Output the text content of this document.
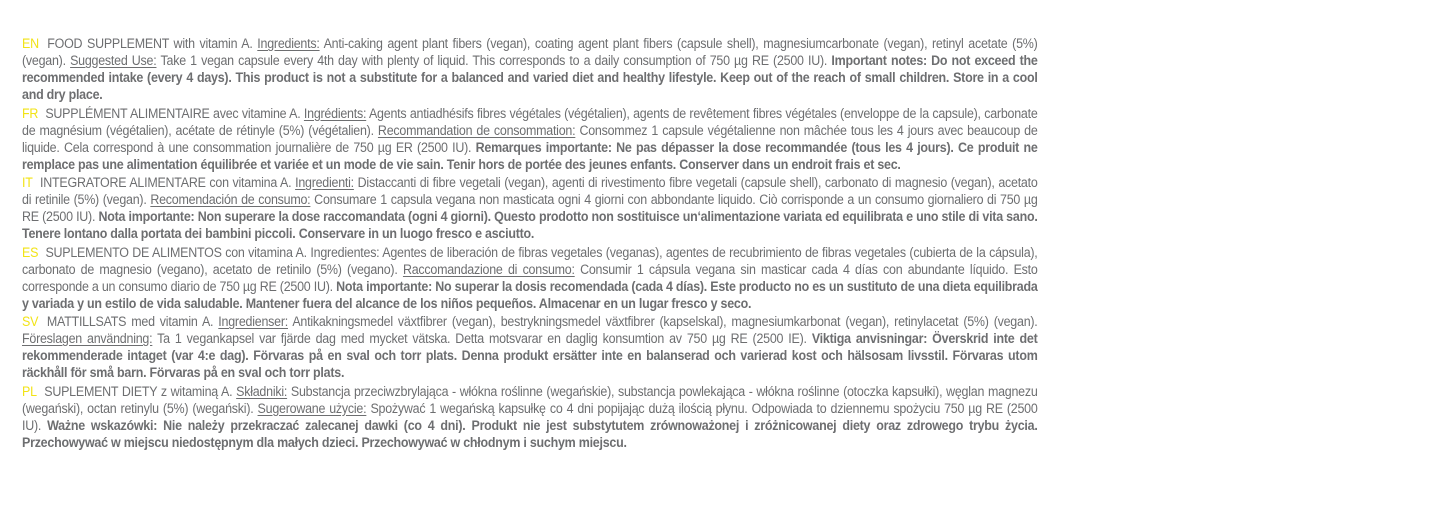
EN FOOD SUPPLEMENT with vitamin A. Ingredients: Anti-caking agent plant fibers (vegan), coating agent plant fibers (capsule shell), magnesiumcarbonate (vegan), retinyl acetate (5%) (vegan). Suggested Use: Take 1 vegan capsule every 4th day with plenty of liquid. This corresponds to a daily consumption of 750 µg RE (2500 IU). Important notes: Do not exceed the recommended intake (every 4 days). This product is not a substitute for a balanced and varied diet and healthy lifestyle. Keep out of the reach of small children. Store in a cool and dry place.
FR SUPPLÉMENT ALIMENTAIRE avec vitamine A. Ingrédients: Agents antiadhésifs fibres végétales (végétalien), agents de revêtement fibres végétales (enveloppe de la capsule), carbonate de magnésium (végétalien), acétate de rétinyle (5%) (végétalien). Recommandation de consommation: Consommez 1 capsule végétalienne non mâchée tous les 4 jours avec beaucoup de liquide. Cela correspond à une consommation journalière de 750 µg ER (2500 IU). Remarques importante: Ne pas dépasser la dose recommandée (tous les 4 jours). Ce produit ne remplace pas une alimentation équilibrée et variée et un mode de vie sain. Tenir hors de portée des jeunes enfants. Conserver dans un endroit frais et sec.
IT INTEGRATORE ALIMENTARE con vitamina A. Ingredienti: Distaccanti di fibre vegetali (vegan), agenti di rivestimento fibre vegetali (capsule shell), carbonato di magnesio (vegan), acetato di retinile (5%) (vegan). Recomendación de consumo: Consumare 1 capsula vegana non masticata ogni 4 giorni con abbondante liquido. Ciò corrisponde a un consumo giornaliero di 750 µg RE (2500 IU). Nota importante: Non superare la dose raccomandata (ogni 4 giorni). Questo prodotto non sostituisce un‘alimentazione variata ed equilibrata e uno stile di vita sano. Tenere lontano dalla portata dei bambini piccoli. Conservare in un luogo fresco e asciutto.
ES SUPLEMENTO DE ALIMENTOS con vitamina A. Ingredientes: Agentes de liberación de fibras vegetales (veganas), agentes de recubrimiento de fibras vegetales (cubierta de la cápsula), carbonato de magnesio (vegano), acetato de retinilo (5%) (vegano). Raccomandazione di consumo: Consumir 1 cápsula vegana sin masticar cada 4 días con abundante líquido. Esto corresponde a un consumo diario de 750 µg RE (2500 IU). Nota importante: No superar la dosis recomendada (cada 4 días). Este producto no es un sustituto de una dieta equilibrada y variada y un estilo de vida saludable. Mantener fuera del alcance de los niños pequeños. Almacenar en un lugar fresco y seco.
SV MATTILLSATS med vitamin A. Ingredienser: Antikakningsmedel växtfibrer (vegan), bestrykningsmedel växtfibrer (kapselskal), magnesiumkarbonat (vegan), retinylacetat (5%) (vegan). Föreslagen användning: Ta 1 vegankapsel var fjärde dag med mycket vätska. Detta motsvarar en daglig konsumtion av 750 µg RE (2500 IE). Viktiga anvisningar: Överskrid inte det rekommenderade intaget (var 4:e dag). Förvaras på en sval och torr plats. Denna produkt ersätter inte en balanserad och varierad kost och hälsosam livsstil. Förvaras utom räckhåll för små barn. Förvaras på en sval och torr plats.
PL SUPLEMENT DIETY z witaminą A. Składniki: Substancja przeciwzbrylająca - włókna roślinne (wegańskie), substancja powlekająca - włókna roślinne (otoczka kapsułki), węglan magnezu (wegański), octan retinylu (5%) (wegański). Sugerowane użycie: Spożywać 1 wegańską kapsułkę co 4 dni popijając dużą ilością płynu. Odpowiada to dziennemu spożyciu 750 µg RE (2500 IU). Ważne wskazówki: Nie należy przekraczać zalecanej dawki (co 4 dni). Produkt nie jest substytutem zrównoważonej i zróżnicowanej diety oraz zdrowego trybu życia. Przechowywać w miejscu niedostępnym dla małych dzieci. Przechowywać w chłodnym i suchym miejscu.
